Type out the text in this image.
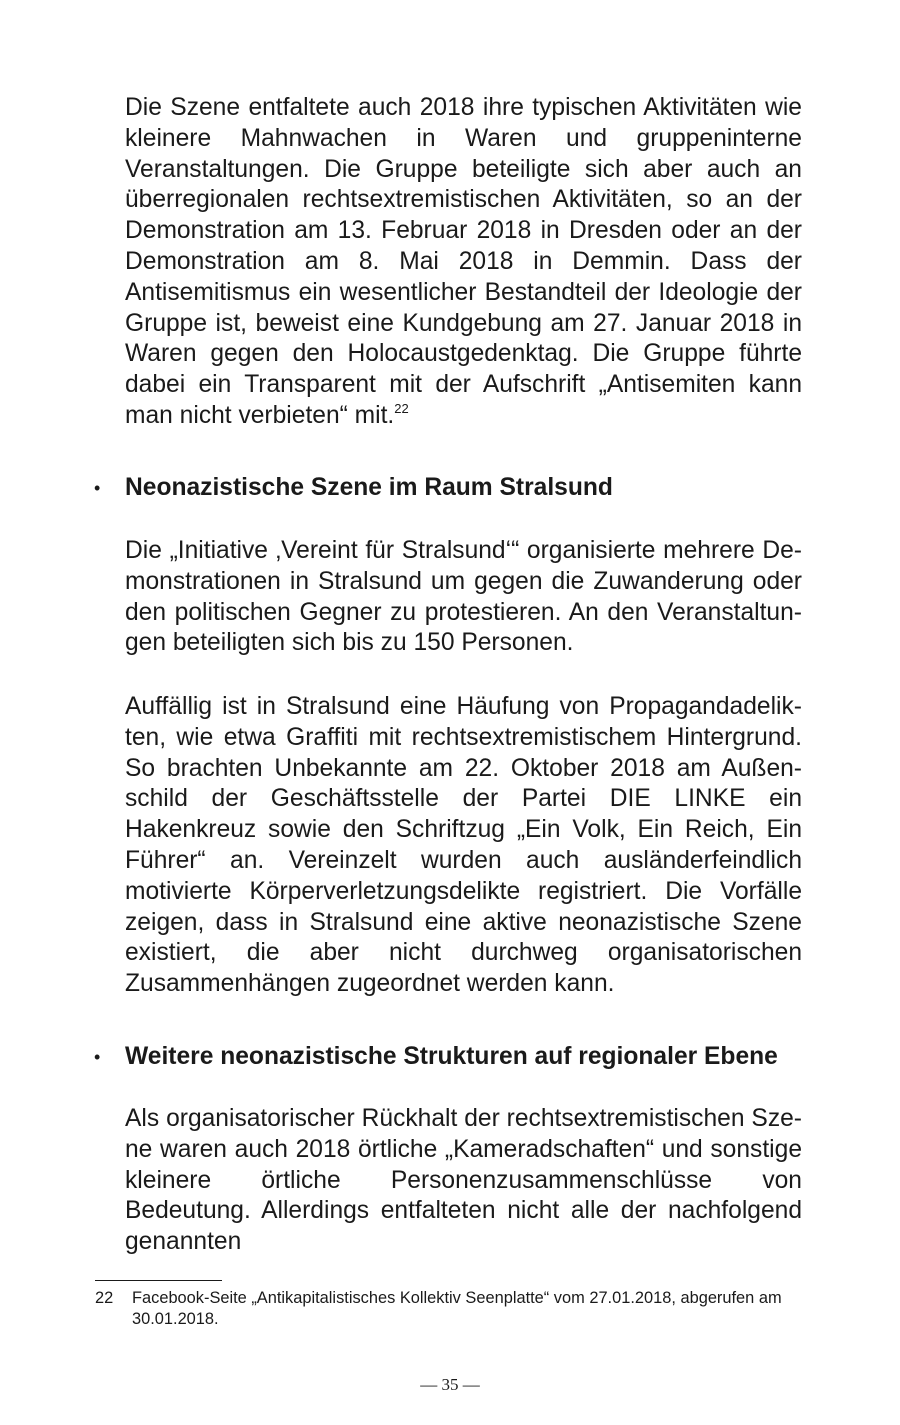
Die Szene entfaltete auch 2018 ihre typischen Aktivitäten wie kleinere Mahnwachen in Waren und gruppeninterne Veranstaltungen. Die Gruppe beteiligte sich aber auch an überregionalen rechtsextremistischen Aktivitäten, so an der Demonstration am 13. Februar 2018 in Dresden oder an der Demonstration am 8. Mai 2018 in Demmin. Dass der Antisemitismus ein wesentlicher Bestandteil der Ideologie der Gruppe ist, beweist eine Kundgebung am 27. Januar 2018 in Waren gegen den Holocaustgedenktag. Die Gruppe führte dabei ein Transparent mit der Aufschrift „Antisemiten kann man nicht verbieten“ mit.$^{22}$

• Neonazistische Szene im Raum Stralsund

Die „Initiative ‚Vereint für Stralsund‘“ organisierte mehrere Demonstrationen in Stralsund um gegen die Zuwanderung oder den politischen Gegner zu protestieren. An den Veranstaltungen beteiligten sich bis zu 150 Personen.

Auffällig ist in Stralsund eine Häufung von Propagandadelikten, wie etwa Graffiti mit rechtsextremistischem Hintergrund. So brachten Unbekannte am 22. Oktober 2018 am Außenschild der Geschäftsstelle der Partei DIE LINKE ein Hakenkreuz sowie den Schriftzug „Ein Volk, Ein Reich, Ein Führer“ an. Vereinzelt wurden auch ausländerfeindlich motivierte Körperverletzungsdelikte registriert. Die Vorfälle zeigen, dass in Stralsund eine aktive neonazistische Szene existiert, die aber nicht durchweg organisatorischen Zusammenhängen zugeordnet werden kann.

• Weitere neonazistische Strukturen auf regionaler Ebene

Als organisatorischer Rückhalt der rechtsextremistischen Szene waren auch 2018 örtliche „Kameradschaften“ und sonstige kleinere örtliche Personenzusammenschlüsse von Bedeutung. Allerdings entfalteten nicht alle der nachfolgend genannten

22 Facebook-Seite „Antikapitalistisches Kollektiv Seenplatte“ vom 27.01.2018, abgerufen am 30.01.2018.
— 35 —
